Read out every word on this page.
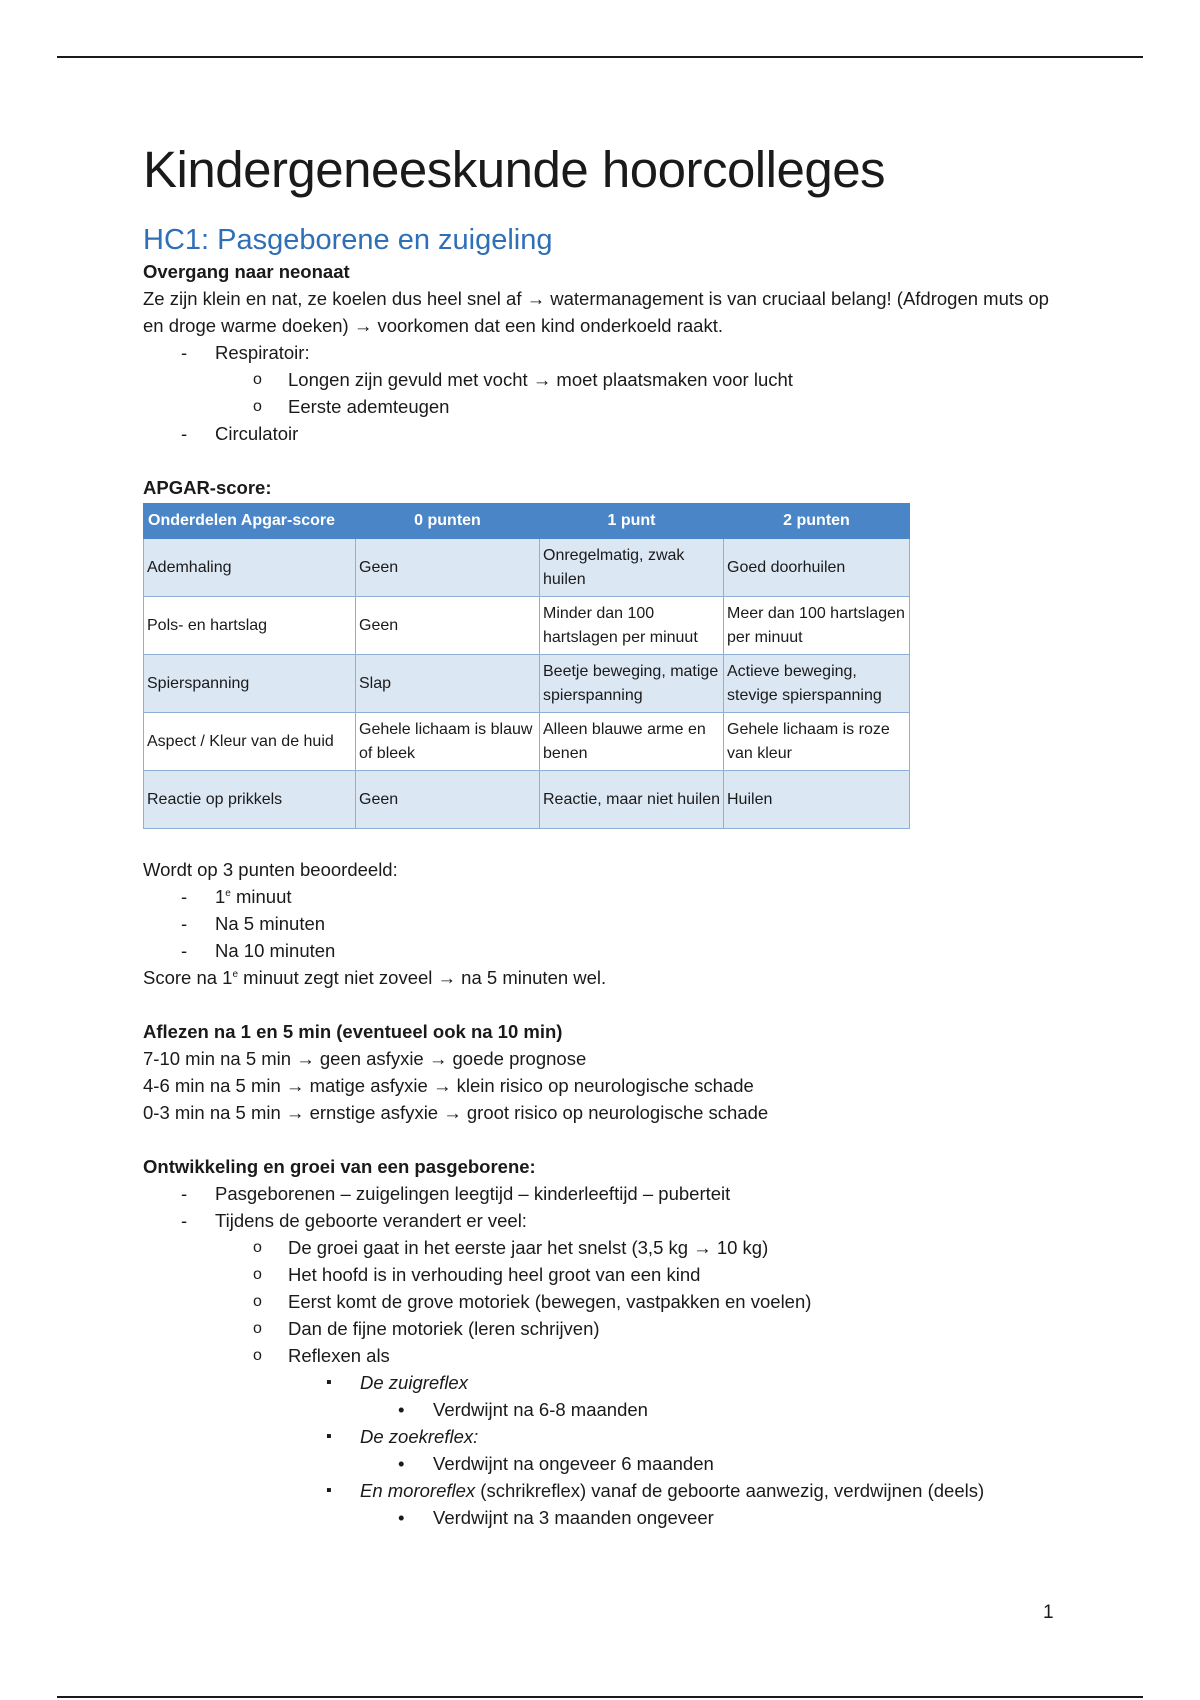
Kindergeneeskunde hoorcolleges
HC1: Pasgeborene en zuigeling

Overgang naar neonaat

Ze zijn klein en nat, ze koelen dus heel snel af → watermanagement is van cruciaal belang! (Afdrogen muts op en droge warme doeken) → voorkomen dat een kind onderkoeld raakt.

- Respiratoir:
o Longen zijn gevuld met vocht → moet plaatsmaken voor lucht
o Eerste ademteugen
- Circulatoir

APGAR-score:

Onderdelen Apgar-score	0 punten	1 punt	2 punten
Ademhaling	Geen	Onregelmatig, zwak huilen	Goed doorhuilen
Pols- en hartslag	Geen	Minder dan 100 hartslagen per minuut	Meer dan 100 hartslagen per minuut
Spierspanning	Slap	Beetje beweging, matige spierspanning	Actieve beweging, stevige spierspanning
Aspect / Kleur van de huid	Gehele lichaam is blauw of bleek	Alleen blauwe arme en benen	Gehele lichaam is roze van kleur
Reactie op prikkels	Geen	Reactie, maar niet huilen	Huilen

Wordt op 3 punten beoordeeld:

- 1e minuut
- Na 5 minuten
- Na 10 minuten

Score na 1e minuut zegt niet zoveel → na 5 minuten wel.

Aflezen na 1 en 5 min (eventueel ook na 10 min)

7-10 min na 5 min → geen asfyxie → goede prognose

4-6 min na 5 min → matige asfyxie → klein risico op neurologische schade

0-3 min na 5 min → ernstige asfyxie → groot risico op neurologische schade

Ontwikkeling en groei van een pasgeborene:

- Pasgeborenen – zuigelingen leegtijd – kinderleeftijd – puberteit
- Tijdens de geboorte verandert er veel:
o De groei gaat in het eerste jaar het snelst (3,5 kg → 10 kg)
o Het hoofd is in verhouding heel groot van een kind
o Eerst komt de grove motoriek (bewegen, vastpakken en voelen)
o Dan de fijne motoriek (leren schrijven)
o Reflexen als
▪ De zuigreflex
• Verdwijnt na 6-8 maanden
▪ De zoekreflex:
• Verdwijnt na ongeveer 6 maanden
▪ En mororeflex (schrikreflex) vanaf de geboorte aanwezig, verdwijnen (deels)
• Verdwijnt na 3 maanden ongeveer
1
